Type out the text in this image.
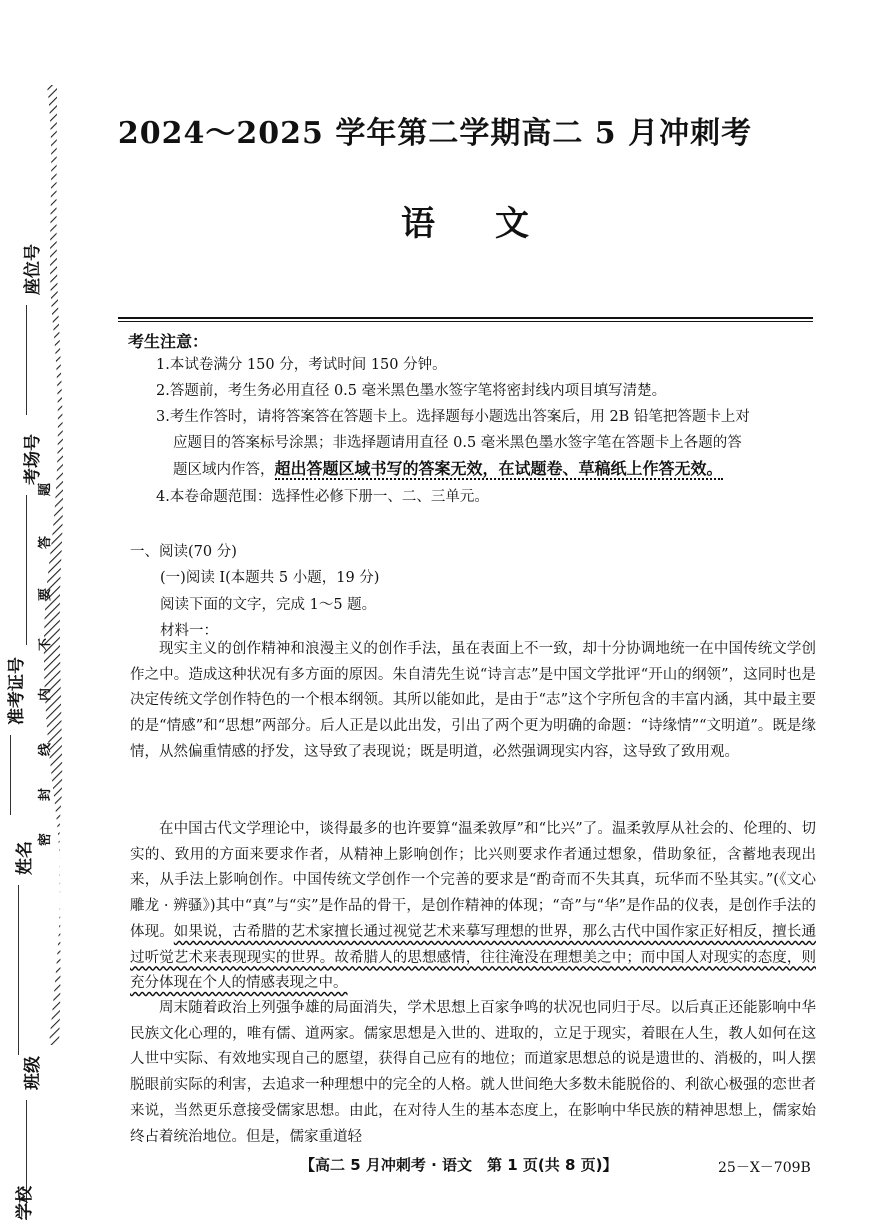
座位号
考场号
准考证号
姓名
班级
学校
密
封
线
内
不
要
答
题
2024～2025 学年第二学期高二 5 月冲刺考
语文
考生注意：
1.本试卷满分 150 分，考试时间 150 分钟。
2.答题前，考生务必用直径 0.5 毫米黑色墨水签字笔将密封线内项目填写清楚。
3.考生作答时，请将答案答在答题卡上。选择题每小题选出答案后，用 2B 铅笔把答题卡上对
应题目的答案标号涂黑；非选择题请用直径 0.5 毫米黑色墨水签字笔在答题卡上各题的答
题区域内作答，超出答题区域书写的答案无效，在试题卷、草稿纸上作答无效。
4.本卷命题范围：选择性必修下册一、二、三单元。
一、阅读(70 分)
(一)阅读 Ⅰ(本题共 5 小题，19 分)
阅读下面的文字，完成 1～5 题。
材料一：
现实主义的创作精神和浪漫主义的创作手法，虽在表面上不一致，却十分协调地统一在中国传统文学创作之中。造成这种状况有多方面的原因。朱自清先生说“诗言志”是中国文学批评“开山的纲领”，这同时也是决定传统文学创作特色的一个根本纲领。其所以能如此，是由于“志”这个字所包含的丰富内涵，其中最主要的是“情感”和“思想”两部分。后人正是以此出发，引出了两个更为明确的命题：“诗缘情”“文明道”。既是缘情，从然偏重情感的抒发，这导致了表现说；既是明道，必然强调现实内容，这导致了致用观。
在中国古代文学理论中，谈得最多的也许要算“温柔敦厚”和“比兴”了。温柔敦厚从社会的、伦理的、切实的、致用的方面来要求作者，从精神上影响创作；比兴则要求作者通过想象，借助象征，含蓄地表现出来，从手法上影响创作。中国传统文学创作一个完善的要求是“酌奇而不失其真，玩华而不坠其实。”(《文心雕龙 · 辨骚》)其中“真”与“实”是作品的骨干，是创作精神的体现；“奇”与“华”是作品的仪表，是创作手法的体现。如果说，古希腊的艺术家擅长通过视觉艺术来摹写理想的世界，那么古代中国作家正好相反，擅长通过听觉艺术来表现现实的世界。故希腊人的思想感情，往往淹没在理想美之中；而中国人对现实的态度，则充分体现在个人的情感表现之中。
周末随着政治上列强争雄的局面消失，学术思想上百家争鸣的状况也同归于尽。以后真正还能影响中华民族文化心理的，唯有儒、道两家。儒家思想是入世的、进取的，立足于现实，着眼在人生，教人如何在这人世中实际、有效地实现自己的愿望，获得自己应有的地位；而道家思想总的说是遗世的、消极的，叫人摆脱眼前实际的利害，去追求一种理想中的完全的人格。就人世间绝大多数未能脱俗的、利欲心极强的恋世者来说，当然更乐意接受儒家思想。由此，在对待人生的基本态度上，在影响中华民族的精神思想上，儒家始终占着统治地位。但是，儒家重道轻
【高二 5 月冲刺考 · 语文　第 1 页(共 8 页)】	25－X－709B
